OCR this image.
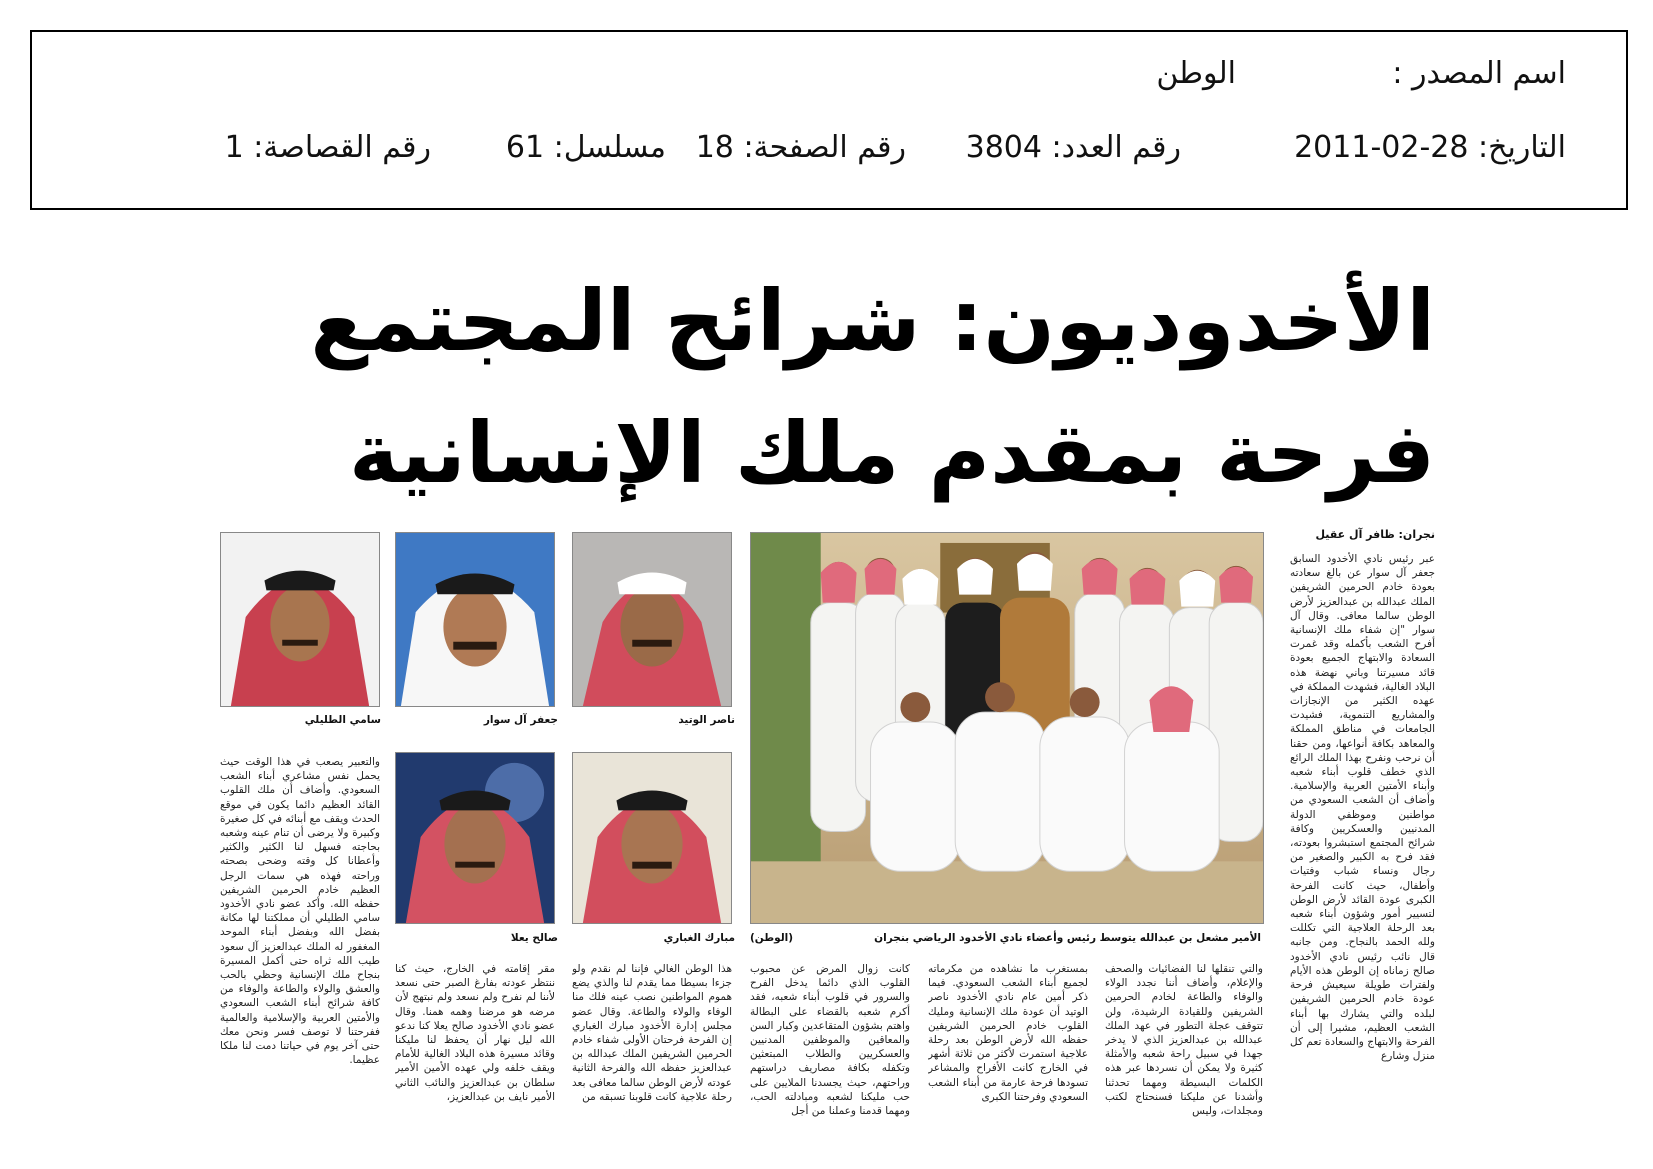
اسم المصدر :
الوطن
التاريخ: 28-02-2011
رقم العدد: 3804
رقم الصفحة: 18
مسلسل: 61
رقم القصاصة: 1
الأخدوديون: شرائح المجتمع فرحة بمقدم ملك الإنسانية
نجران: ظافر آل عقيل
عبر رئيس نادي الأخدود السابق جعفر آل سوار عن بالغ سعادته بعودة خادم الحرمين الشريفين الملك عبدالله بن عبدالعزيز لأرض الوطن سالما معافى. وقال آل سوار "إن شفاء ملك الإنسانية أفرح الشعب بأكمله وقد غمرت السعادة والابتهاج الجميع بعودة قائد مسيرتنا وباني نهضة هذه البلاد الغالية، فشهدت المملكة في عهده الكثير من الإنجازات والمشاريع التنموية، فشيدت الجامعات في مناطق المملكة والمعاهد بكافة أنواعها، ومن حقنا أن نرحب ونفرح بهذا الملك الرائع الذي خطف قلوب أبناء شعبه وأبناء الأمتين العربية والإسلامية. وأضاف أن الشعب السعودي من مواطنين وموظفي الدولة المدنيين والعسكريين وكافة شرائح المجتمع استبشروا بعودته، فقد فرح به الكبير والصغير من رجال ونساء شباب وفتيات وأطفال، حيث كانت الفرحة الكبرى عودة القائد لأرض الوطن لتسيير أمور وشؤون أبناء شعبه بعد الرحلة العلاجية التي تكللت ولله الحمد بالنجاح. ومن جانبه قال نائب رئيس نادي الأخدود صالح زماناه إن الوطن هذه الأيام ولفترات طويلة سيعيش فرحة عودة خادم الحرمين الشريفين لبلده والتي يشارك بها أبناء الشعب العظيم، مشيرا إلى أن الفرحة والابتهاج والسعادة تعم كل منزل وشارع
الأمير مشعل بن عبدالله يتوسط رئيس وأعضاء نادي الأخدود الرياضي بنجران
(الوطن)
ناصر الوتيد
جعفر آل سوار
سامي الطليلي
مبارك الغباري
صالح يعلا
والتي تنقلها لنا الفضائيات والصحف والإعلام، وأضاف أننا نجدد الولاء والوفاء والطاعة لخادم الحرمين الشريفين وللقيادة الرشيدة، ولن تتوقف عجلة التطور في عهد الملك عبدالله بن عبدالعزيز الذي لا يدخر جهدا في سبيل راحة شعبه والأمثلة كثيرة ولا يمكن أن نسردها عبر هذه الكلمات البسيطة ومهما تحدثنا وأشدنا عن مليكنا فسنحتاج لكتب ومجلدات، وليس
بمستغرب ما نشاهده من مكرماته لجميع أبناء الشعب السعودي. فيما ذكر أمين عام نادي الأخدود ناصر الوتيد أن عودة ملك الإنسانية ومليك القلوب خادم الحرمين الشريفين حفظه الله لأرض الوطن بعد رحلة علاجية استمرت لأكثر من ثلاثة أشهر في الخارج كانت الأفراح والمشاعر تسودها فرحة عارمة من أبناء الشعب السعودي وفرحتنا الكبرى
كانت زوال المرض عن محبوب القلوب الذي دائما يدخل الفرح والسرور في قلوب أبناء شعبه، فقد أكرم شعبه بالقضاء على البطالة واهتم بشؤون المتقاعدين وكبار السن والمعاقين والموظفين المدنيين والعسكريين والطلاب المبتعثين وتكفله بكافة مصاريف دراستهم وراحتهم، حيث يجسدنا الملايين على حب مليكنا لشعبه ومبادلته الحب، ومهما قدمنا وعملنا من أجل
هذا الوطن الغالي فإننا لم نقدم ولو جزءا بسيطا مما يقدم لنا والذي يضع هموم المواطنين نصب عينه فلك منا الوفاء والولاء والطاعة. وقال عضو مجلس إدارة الأخدود مبارك الغباري إن الفرحة فرحتان الأولى شفاء خادم الحرمين الشريفين الملك عبدالله بن عبدالعزيز حفظه الله والفرحة الثانية عودته لأرض الوطن سالما معافى بعد رحلة علاجية كانت قلوبنا تسبقه من
مقر إقامته في الخارج، حيث كنا ننتظر عودته بفارغ الصبر حتى نسعد لأننا لم نفرح ولم نسعد ولم نبتهج لأن مرضه هو مرضنا وهمه همنا. وقال عضو نادي الأخدود صالح يعلا كنا ندعو الله ليل نهار أن يحفظ لنا مليكنا وقائد مسيرة هذه البلاد الغالية للأمام ويقف خلفه ولي عهده الأمين الأمير سلطان بن عبدالعزيز والنائب الثاني الأمير نايف بن عبدالعزيز،
والتعبير يصعب في هذا الوقت حيث يحمل نفس مشاعري أبناء الشعب السعودي. وأضاف أن ملك القلوب القائد العظيم دائما يكون في موقع الحدث ويقف مع أبنائه في كل صغيرة وكبيرة ولا يرضى أن تنام عينه وشعبه بحاجته فسهل لنا الكثير والكثير وأعطانا كل وقته وضحى بصحته وراحته فهذه هي سمات الرجل العظيم خادم الحرمين الشريفين حفظه الله. وأكد عضو نادي الأخدود سامي الطليلي أن مملكتنا لها مكانة بفضل الله وبفضل أبناء الموحد المغفور له الملك عبدالعزيز آل سعود طيب الله ثراه حتى أكمل المسيرة بنجاح ملك الإنسانية وحظي بالحب والعشق والولاء والطاعة والوفاء من كافة شرائح أبناء الشعب السعودي والأمتين العربية والإسلامية والعالمية ففرحتنا لا توصف فسر ونحن معك حتى آخر يوم في حياتنا دمت لنا ملكا عظيما.
